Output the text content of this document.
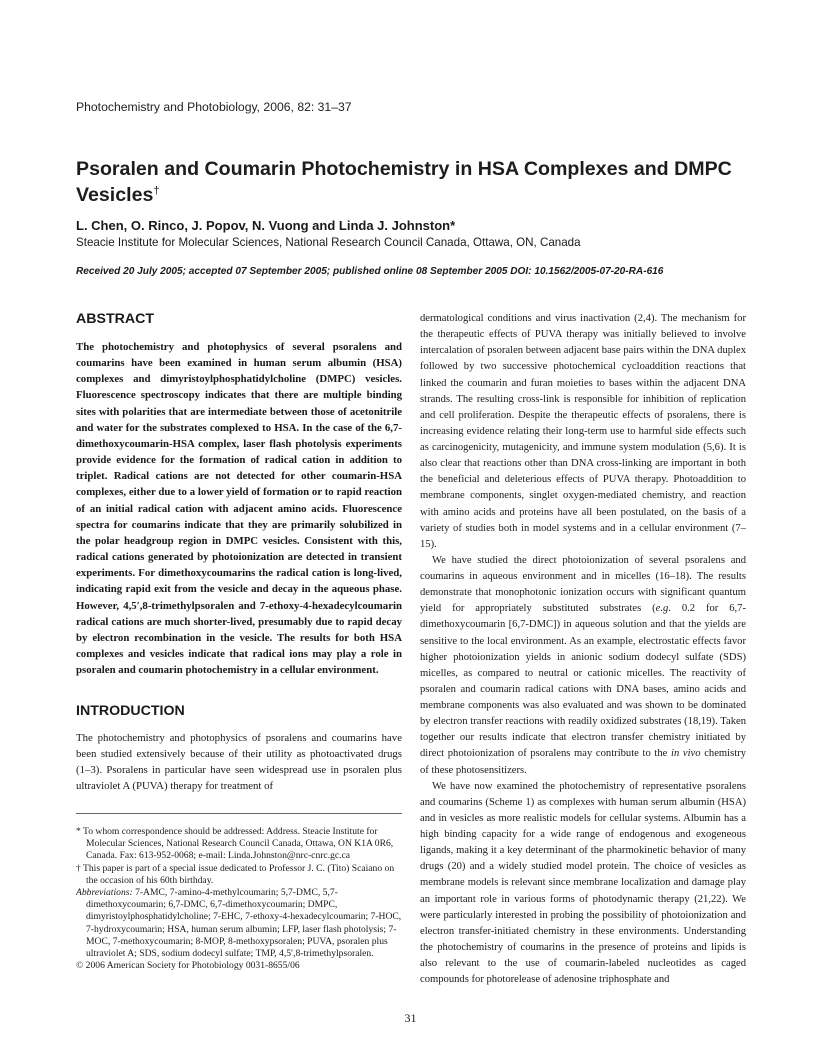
Photochemistry and Photobiology, 2006, 82: 31–37
Psoralen and Coumarin Photochemistry in HSA Complexes and DMPC Vesicles†
L. Chen, O. Rinco, J. Popov, N. Vuong and Linda J. Johnston*
Steacie Institute for Molecular Sciences, National Research Council Canada, Ottawa, ON, Canada
Received 20 July 2005; accepted 07 September 2005; published online 08 September 2005 DOI: 10.1562/2005-07-20-RA-616
ABSTRACT

The photochemistry and photophysics of several psoralens and coumarins have been examined in human serum albumin (HSA) complexes and dimyristoylphosphatidylcholine (DMPC) vesicles. Fluorescence spectroscopy indicates that there are multiple binding sites with polarities that are intermediate between those of acetonitrile and water for the substrates complexed to HSA. In the case of the 6,7-dimethoxycoumarin-HSA complex, laser flash photolysis experiments provide evidence for the formation of radical cation in addition to triplet. Radical cations are not detected for other coumarin-HSA complexes, either due to a lower yield of formation or to rapid reaction of an initial radical cation with adjacent amino acids. Fluorescence spectra for coumarins indicate that they are primarily solubilized in the polar headgroup region in DMPC vesicles. Consistent with this, radical cations generated by photoionization are detected in transient experiments. For dimethoxycoumarins the radical cation is long-lived, indicating rapid exit from the vesicle and decay in the aqueous phase. However, 4,5′,8-trimethylpsoralen and 7-ethoxy-4-hexadecylcoumarin radical cations are much shorter-lived, presumably due to rapid decay by electron recombination in the vesicle. The results for both HSA complexes and vesicles indicate that radical ions may play a role in psoralen and coumarin photochemistry in a cellular environment.

INTRODUCTION

The photochemistry and photophysics of psoralens and coumarins have been studied extensively because of their utility as photoactivated drugs (1–3). Psoralens in particular have seen widespread use in psoralen plus ultraviolet A (PUVA) therapy for treatment of

* To whom correspondence should be addressed: Address. Steacie Institute for Molecular Sciences, National Research Council Canada, Ottawa, ON K1A 0R6, Canada. Fax: 613-952-0068; e-mail: Linda.Johnston@nrc-cnrc.gc.ca

† This paper is part of a special issue dedicated to Professor J. C. (Tito) Scaiano on the occasion of his 60th birthday.

Abbreviations: 7-AMC, 7-amino-4-methylcoumarin; 5,7-DMC, 5,7-dimethoxycoumarin; 6,7-DMC, 6,7-dimethoxycoumarin; DMPC, dimyristoylphosphatidylcholine; 7-EHC, 7-ethoxy-4-hexadecylcoumarin; 7-HOC, 7-hydroxycoumarin; HSA, human serum albumin; LFP, laser flash photolysis; 7-MOC, 7-methoxycoumarin; 8-MOP, 8-methoxypsoralen; PUVA, psoralen plus ultraviolet A; SDS, sodium dodecyl sulfate; TMP, 4,5′,8-trimethylpsoralen.

© 2006 American Society for Photobiology 0031-8655/06

dermatological conditions and virus inactivation (2,4). The mechanism for the therapeutic effects of PUVA therapy was initially believed to involve intercalation of psoralen between adjacent base pairs within the DNA duplex followed by two successive photochemical cycloaddition reactions that linked the coumarin and furan moieties to bases within the adjacent DNA strands. The resulting cross-link is responsible for inhibition of replication and cell proliferation. Despite the therapeutic effects of psoralens, there is increasing evidence relating their long-term use to harmful side effects such as carcinogenicity, mutagenicity, and immune system modulation (5,6). It is also clear that reactions other than DNA cross-linking are important in both the beneficial and deleterious effects of PUVA therapy. Photoaddition to membrane components, singlet oxygen-mediated chemistry, and reaction with amino acids and proteins have all been postulated, on the basis of a variety of studies both in model systems and in a cellular environment (7–15).

We have studied the direct photoionization of several psoralens and coumarins in aqueous environment and in micelles (16–18). The results demonstrate that monophotonic ionization occurs with significant quantum yield for appropriately substituted substrates (e.g. 0.2 for 6,7-dimethoxycoumarin [6,7-DMC]) in aqueous solution and that the yields are sensitive to the local environment. As an example, electrostatic effects favor higher photoionization yields in anionic sodium dodecyl sulfate (SDS) micelles, as compared to neutral or cationic micelles. The reactivity of psoralen and coumarin radical cations with DNA bases, amino acids and membrane components was also evaluated and was shown to be dominated by electron transfer reactions with readily oxidized substrates (18,19). Taken together our results indicate that electron transfer chemistry initiated by direct photoionization of psoralens may contribute to the in vivo chemistry of these photosensitizers.

We have now examined the photochemistry of representative psoralens and coumarins (Scheme 1) as complexes with human serum albumin (HSA) and in vesicles as more realistic models for cellular systems. Albumin has a high binding capacity for a wide range of endogenous and exogeneous ligands, making it a key determinant of the pharmokinetic behavior of many drugs (20) and a widely studied model protein. The choice of vesicles as membrane models is relevant since membrane localization and damage play an important role in various forms of photodynamic therapy (21,22). We were particularly interested in probing the possibility of photoionization and electron transfer-initiated chemistry in these environments. Understanding the photochemistry of coumarins in the presence of proteins and lipids is also relevant to the use of coumarin-labeled nucleotides as caged compounds for photorelease of adenosine triphosphate and

31
